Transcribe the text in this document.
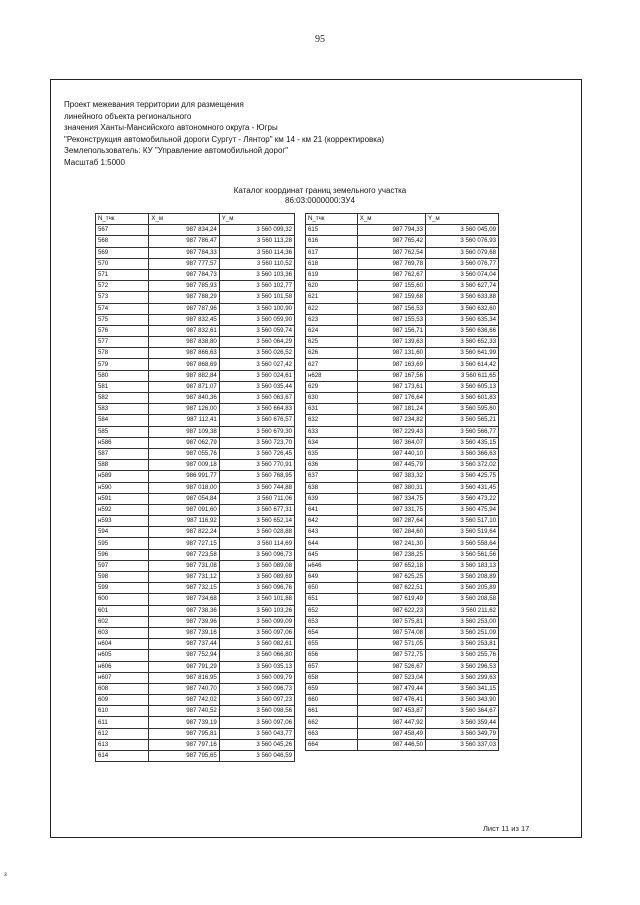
95
Проект межевания территории для размещения
линейного объекта регионального
значения Ханты-Мансийского автономного округа - Югры
"Реконструкция автомобильной дороги Сургут - Лянтор" км 14 - км 21 (корректировка)
Землепользователь: КУ "Управление автомобильной дорог"
Масштаб 1:5000
Каталог координат границ земельного участка
86:03:0000000:ЗУ4
N_тчк	X_м	Y_м
567	987 834,24	3 560 099,32
568	987 786,47	3 560 113,28
569	987 784,33	3 560 114,36
570	987 777,57	3 560 110,52
571	987 784,73	3 560 103,36
572	987 785,93	3 560 102,77
573	987 788,29	3 560 101,58
574	987 787,96	3 560 100,90
575	987 832,45	3 560 059,90
576	987 832,61	3 560 059,74
577	987 838,80	3 560 064,29
578	987 866,63	3 560 026,52
579	987 868,69	3 560 027,42
580	987 882,84	3 560 024,61
581	987 871,07	3 560 035,44
582	987 840,36	3 560 063,67
583	987 126,00	3 560 664,83
584	987 112,41	3 560 676,57
585	987 109,38	3 560 679,30
н586	987 062,79	3 560 723,70
587	987 055,76	3 560 726,45
588	987 009,18	3 560 770,91
н589	986 991,77	3 560 768,95
н590	987 018,00	3 560 744,88
н591	987 054,84	3 560 711,06
н592	987 091,60	3 560 677,31
н593	987 116,92	3 560 652,14
594	987 822,24	3 560 028,88
595	987 727,15	3 560 114,69
596	987 723,58	3 560 096,73
597	987 731,08	3 560 089,08
598	987 731,12	3 560 089,69
599	987 732,15	3 560 096,76
600	987 734,68	3 560 101,88
601	987 738,36	3 560 103,26
602	987 739,96	3 560 099,09
603	987 739,16	3 560 097,06
н604	987 737,44	3 560 082,61
н605	987 752,94	3 560 066,80
н606	987 791,29	3 560 035,13
н607	987 816,95	3 560 009,79
608	987 740,70	3 560 096,73
609	987 742,02	3 560 097,23
610	987 740,52	3 560 098,56
611	987 739,19	3 560 097,06
612	987 795,81	3 560 043,77
613	987 797,16	3 560 045,26
614	987 795,65	3 560 046,59
N_тчк	X_м	Y_м
615	987 794,33	3 560 045,09
616	987 765,42	3 560 076,93
617	987 762,54	3 560 079,68
618	987 769,78	3 560 076,77
619	987 762,67	3 560 074,04
620	987 155,60	3 560 627,74
621	987 159,68	3 560 633,88
622	987 156,53	3 560 632,60
623	987 155,53	3 560 635,34
624	987 156,71	3 560 636,66
625	987 139,63	3 560 652,33
626	987 131,60	3 560 641,99
627	987 163,69	3 560 614,42
н628	987 167,56	3 560 611,65
629	987 173,61	3 560 605,13
630	987 176,64	3 560 601,83
631	987 181,24	3 560 595,60
632	987 234,82	3 560 565,21
633	987 229,43	3 560 566,77
634	987 364,07	3 560 435,15
635	987 440,10	3 560 366,63
636	987 445,79	3 560 372,02
637	987 383,32	3 560 425,75
638	987 380,31	3 560 431,45
639	987 334,75	3 560 473,22
641	987 331,75	3 560 475,94
642	987 287,64	3 560 517,10
643	987 284,60	3 560 519,64
644	987 241,30	3 560 558,64
645	987 238,25	3 560 561,56
н646	987 652,18	3 560 183,13
649	987 625,25	3 560 208,89
650	987 622,51	3 560 205,89
651	987 619,49	3 560 208,58
652	987 622,23	3 560 211,62
653	987 575,81	3 560 253,00
654	987 574,08	3 560 251,09
655	987 571,05	3 560 253,81
656	987 572,75	3 560 255,76
657	987 526,67	3 560 296,53
658	987 523,04	3 560 299,63
659	987 479,44	3 560 341,15
660	987 476,41	3 560 343,90
661	987 453,87	3 560 364,67
662	987 447,92	3 560 359,44
663	987 458,49	3 560 349,79
664	987 446,50	3 560 337,03
Лист 11 из 17
з
